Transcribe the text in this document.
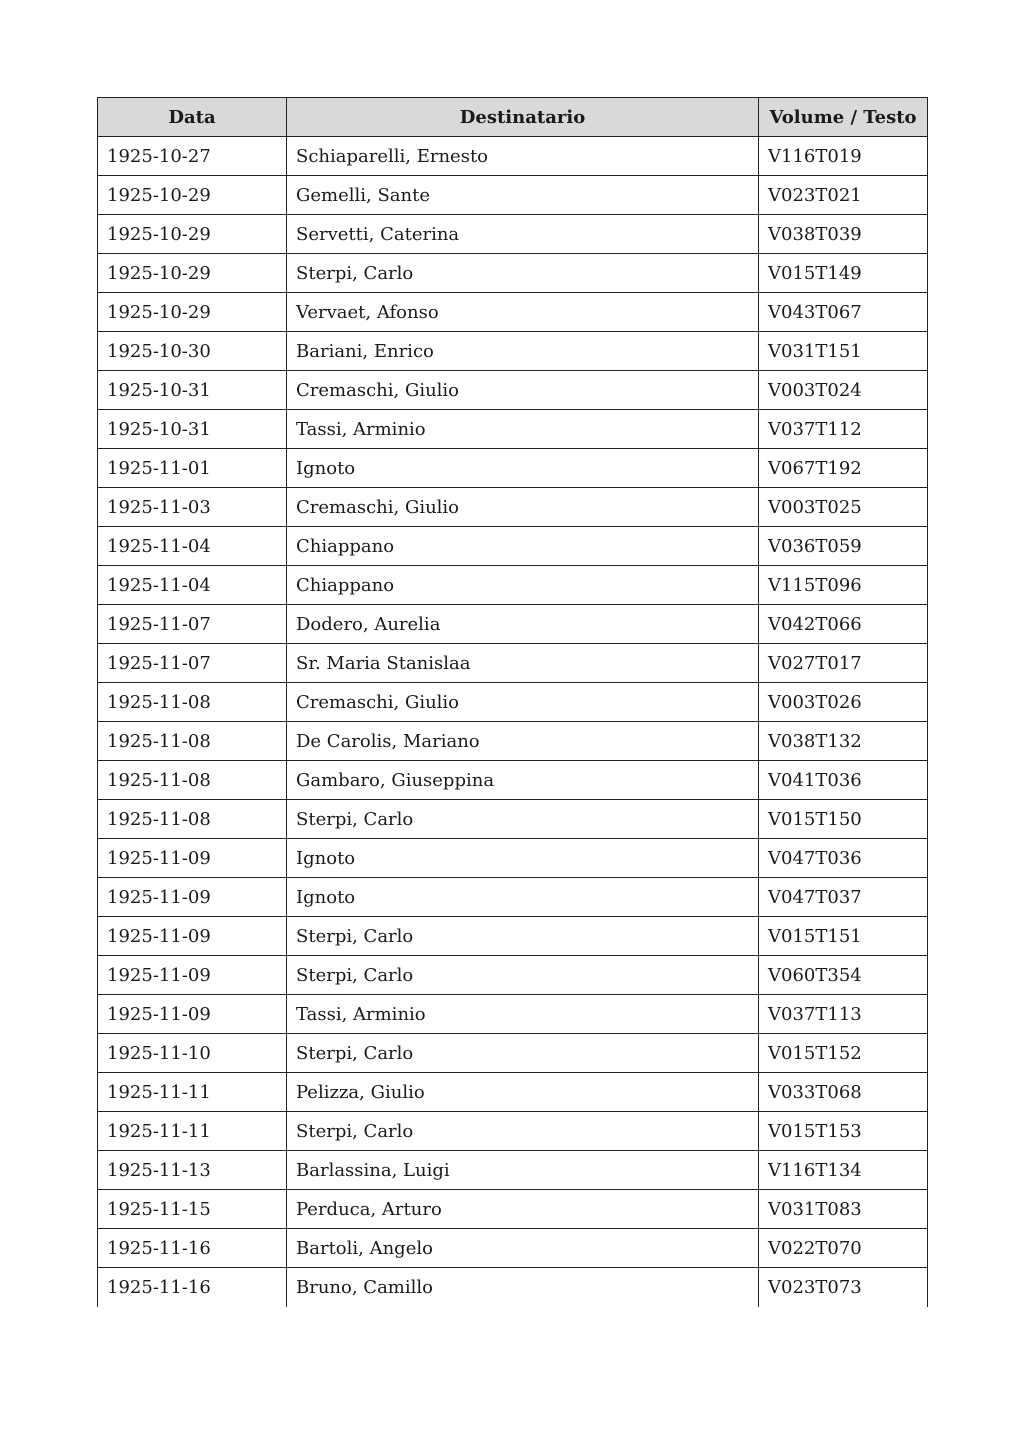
Data	Destinatario	Volume / Testo
1925-10-27	Schiaparelli, Ernesto	V116T019
1925-10-29	Gemelli, Sante	V023T021
1925-10-29	Servetti, Caterina	V038T039
1925-10-29	Sterpi, Carlo	V015T149
1925-10-29	Vervaet, Afonso	V043T067
1925-10-30	Bariani, Enrico	V031T151
1925-10-31	Cremaschi, Giulio	V003T024
1925-10-31	Tassi, Arminio	V037T112
1925-11-01	Ignoto	V067T192
1925-11-03	Cremaschi, Giulio	V003T025
1925-11-04	Chiappano	V036T059
1925-11-04	Chiappano	V115T096
1925-11-07	Dodero, Aurelia	V042T066
1925-11-07	Sr. Maria Stanislaa	V027T017
1925-11-08	Cremaschi, Giulio	V003T026
1925-11-08	De Carolis, Mariano	V038T132
1925-11-08	Gambaro, Giuseppina	V041T036
1925-11-08	Sterpi, Carlo	V015T150
1925-11-09	Ignoto	V047T036
1925-11-09	Ignoto	V047T037
1925-11-09	Sterpi, Carlo	V015T151
1925-11-09	Sterpi, Carlo	V060T354
1925-11-09	Tassi, Arminio	V037T113
1925-11-10	Sterpi, Carlo	V015T152
1925-11-11	Pelizza, Giulio	V033T068
1925-11-11	Sterpi, Carlo	V015T153
1925-11-13	Barlassina, Luigi	V116T134
1925-11-15	Perduca, Arturo	V031T083
1925-11-16	Bartoli, Angelo	V022T070
1925-11-16	Bruno, Camillo	V023T073
